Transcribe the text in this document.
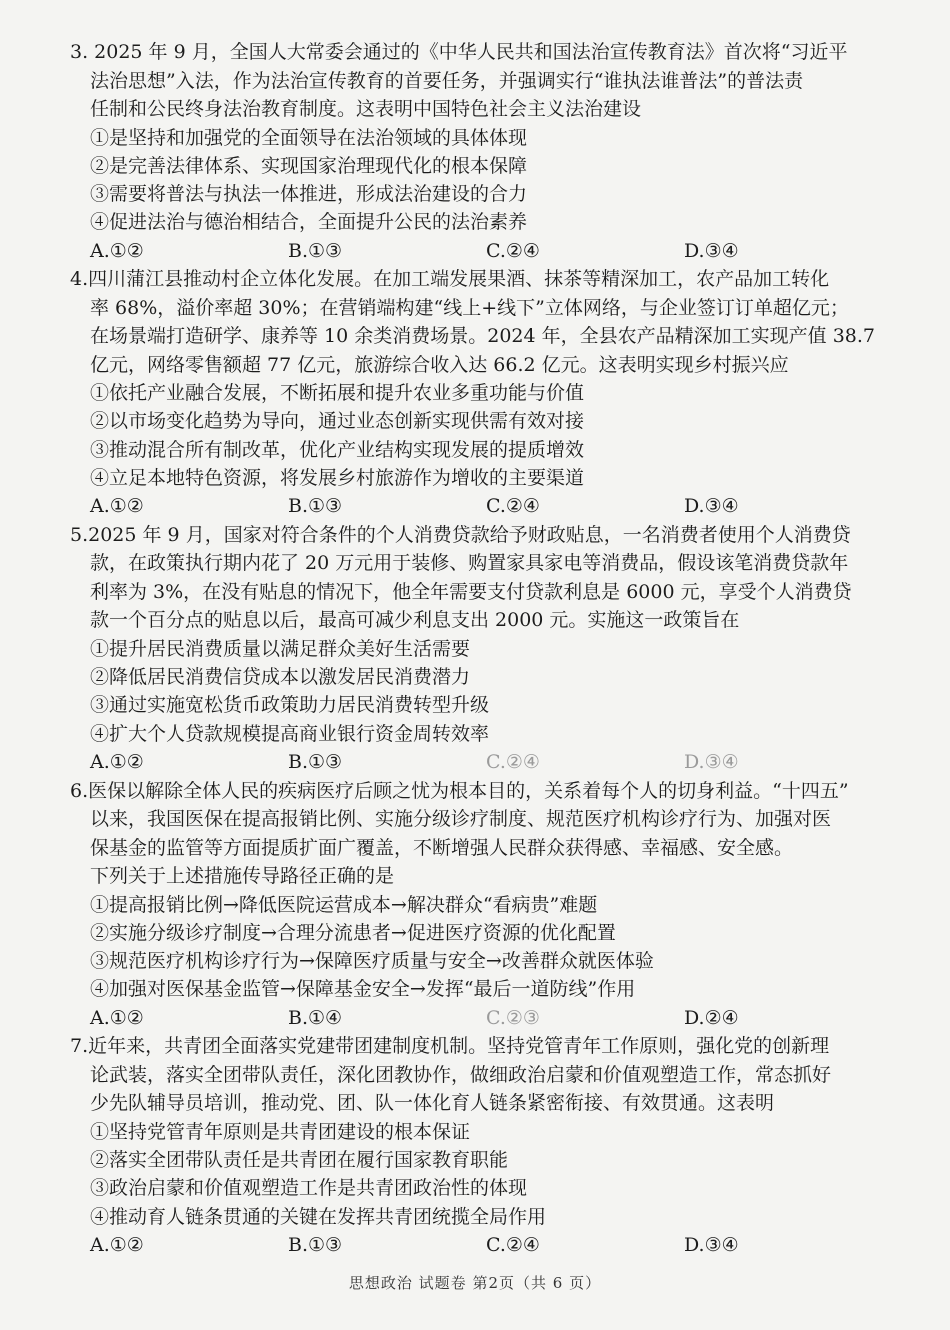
3. 2025 年 9 月，全国人大常委会通过的《中华人民共和国法治宣传教育法》首次将“习近平
法治思想”入法，作为法治宣传教育的首要任务，并强调实行“谁执法谁普法”的普法责
任制和公民终身法治教育制度。这表明中国特色社会主义法治建设
①是坚持和加强党的全面领导在法治领域的具体体现
②是完善法律体系、实现国家治理现代化的根本保障
③需要将普法与执法一体推进，形成法治建设的合力
④促进法治与德治相结合，全面提升公民的法治素养
A.①②	B.①③	C.②④	D.③④
4.四川蒲江县推动村企立体化发展。在加工端发展果酒、抹茶等精深加工，农产品加工转化
率 68%，溢价率超 30%；在营销端构建“线上+线下”立体网络，与企业签订订单超亿元；
在场景端打造研学、康养等 10 余类消费场景。2024 年，全县农产品精深加工实现产值 38.7
亿元，网络零售额超 77 亿元，旅游综合收入达 66.2 亿元。这表明实现乡村振兴应
①依托产业融合发展，不断拓展和提升农业多重功能与价值
②以市场变化趋势为导向，通过业态创新实现供需有效对接
③推动混合所有制改革，优化产业结构实现发展的提质增效
④立足本地特色资源，将发展乡村旅游作为增收的主要渠道
A.①②	B.①③	C.②④	D.③④
5.2025 年 9 月，国家对符合条件的个人消费贷款给予财政贴息，一名消费者使用个人消费贷
款，在政策执行期内花了 20 万元用于装修、购置家具家电等消费品，假设该笔消费贷款年
利率为 3%，在没有贴息的情况下，他全年需要支付贷款利息是 6000 元，享受个人消费贷
款一个百分点的贴息以后，最高可减少利息支出 2000 元。实施这一政策旨在
①提升居民消费质量以满足群众美好生活需要
②降低居民消费信贷成本以激发居民消费潜力
③通过实施宽松货币政策助力居民消费转型升级
④扩大个人贷款规模提高商业银行资金周转效率
A.①②	B.①③	C.②④	D.③④
6.医保以解除全体人民的疾病医疗后顾之忧为根本目的，关系着每个人的切身利益。“十四五”
以来，我国医保在提高报销比例、实施分级诊疗制度、规范医疗机构诊疗行为、加强对医
保基金的监管等方面提质扩面广覆盖，不断增强人民群众获得感、幸福感、安全感。
下列关于上述措施传导路径正确的是
①提高报销比例→降低医院运营成本→解决群众“看病贵”难题
②实施分级诊疗制度→合理分流患者→促进医疗资源的优化配置
③规范医疗机构诊疗行为→保障医疗质量与安全→改善群众就医体验
④加强对医保基金监管→保障基金安全→发挥“最后一道防线”作用
A.①②	B.①④	C.②③	D.②④
7.近年来，共青团全面落实党建带团建制度机制。坚持党管青年工作原则，强化党的创新理
论武装，落实全团带队责任，深化团教协作，做细政治启蒙和价值观塑造工作，常态抓好
少先队辅导员培训，推动党、团、队一体化育人链条紧密衔接、有效贯通。这表明
①坚持党管青年原则是共青团建设的根本保证
②落实全团带队责任是共青团在履行国家教育职能
③政治启蒙和价值观塑造工作是共青团政治性的体现
④推动育人链条贯通的关键在发挥共青团统揽全局作用
A.①②	B.①③	C.②④	D.③④
思想政治 试题卷 第2页（共 6 页）
